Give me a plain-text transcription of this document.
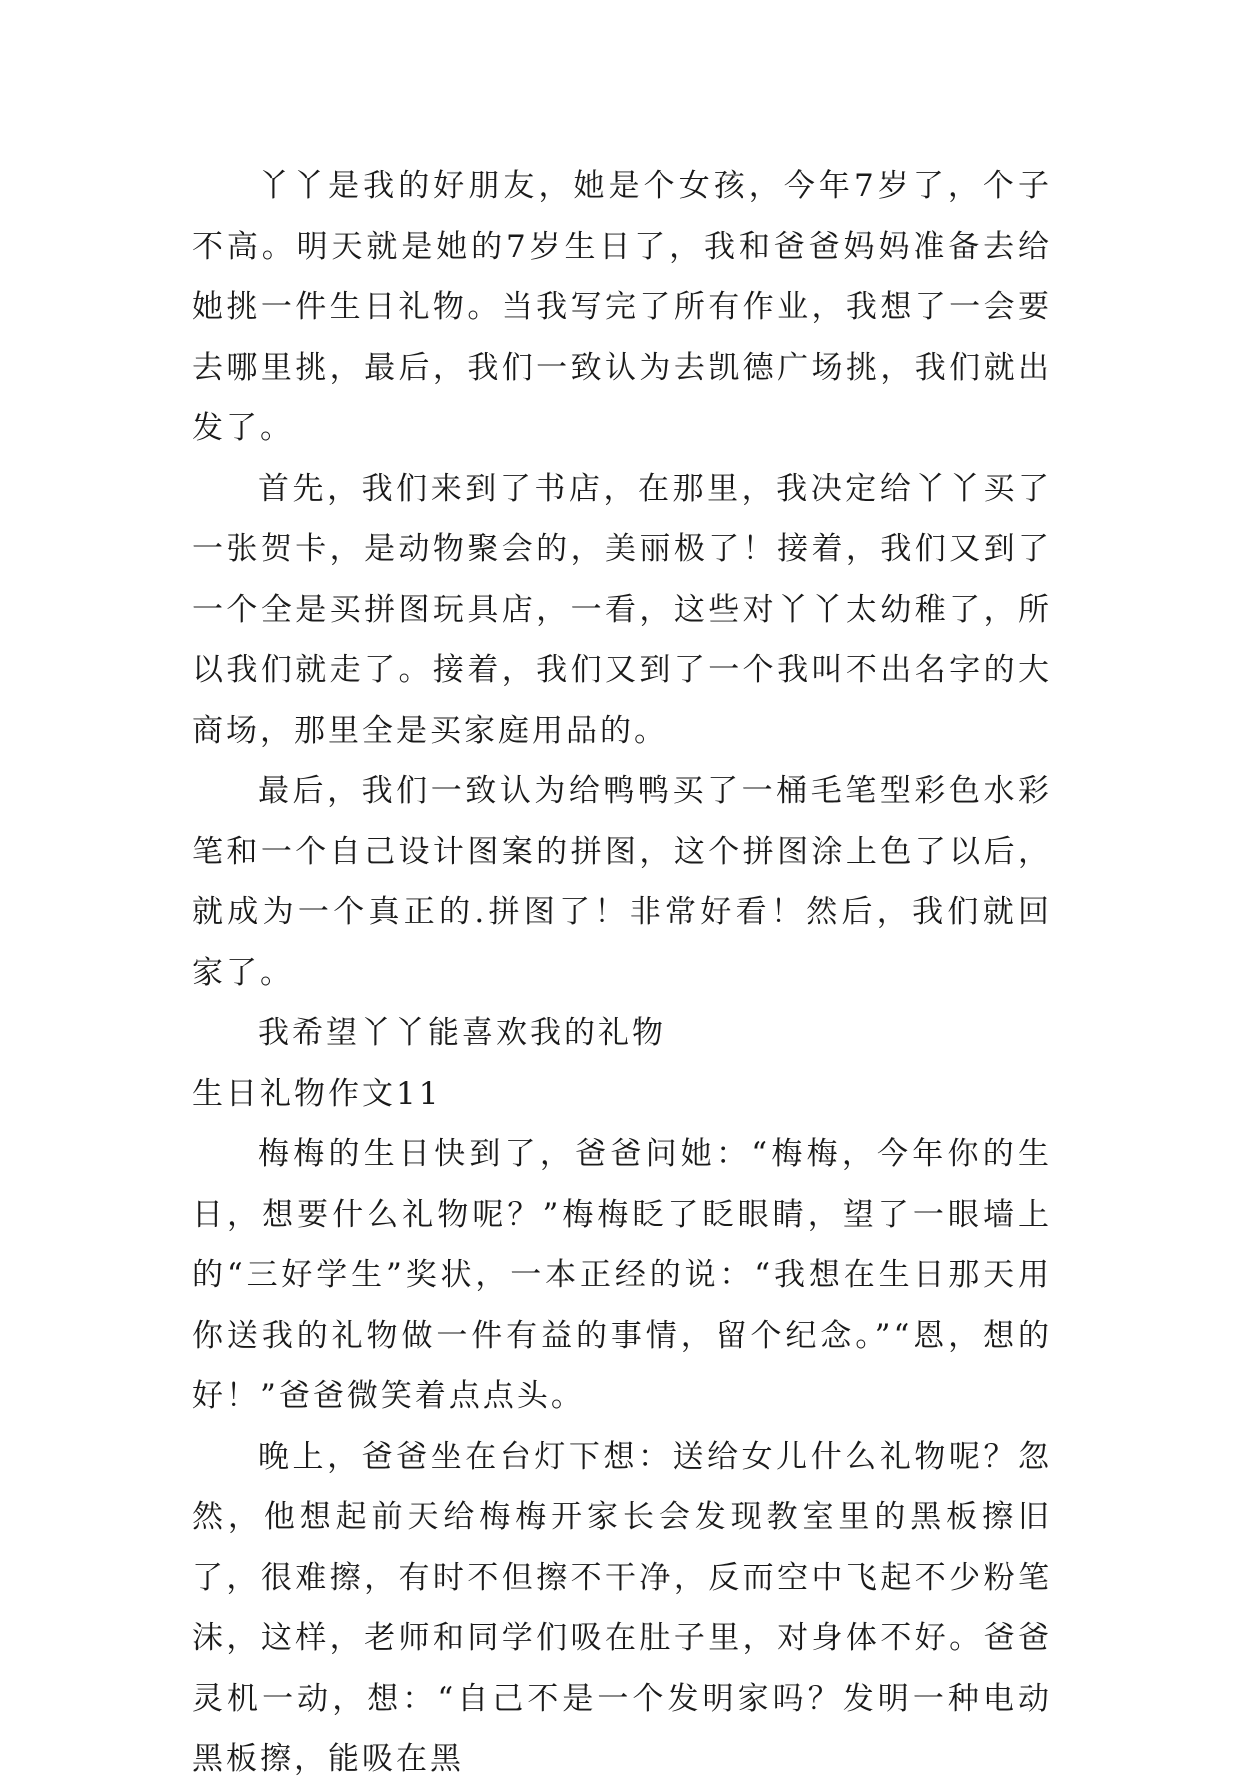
丫丫是我的好朋友，她是个女孩，今年7岁了，个子不高。明天就是她的7岁生日了，我和爸爸妈妈准备去给她挑一件生日礼物。当我写完了所有作业，我想了一会要去哪里挑，最后，我们一致认为去凯德广场挑，我们就出发了。

首先，我们来到了书店，在那里，我决定给丫丫买了一张贺卡，是动物聚会的，美丽极了！接着，我们又到了一个全是买拼图玩具店，一看，这些对丫丫太幼稚了，所以我们就走了。接着，我们又到了一个我叫不出名字的大商场，那里全是买家庭用品的。

最后，我们一致认为给鸭鸭买了一桶毛笔型彩色水彩笔和一个自己设计图案的拼图，这个拼图涂上色了以后，就成为一个真正的.拼图了！非常好看！然后，我们就回家了。

我希望丫丫能喜欢我的礼物

生日礼物作文11

梅梅的生日快到了，爸爸问她：“梅梅，今年你的生日，想要什么礼物呢？”梅梅眨了眨眼睛，望了一眼墙上的“三好学生”奖状，一本正经的说：“我想在生日那天用你送我的礼物做一件有益的事情，留个纪念。”“恩，想的好！”爸爸微笑着点点头。

晚上，爸爸坐在台灯下想：送给女儿什么礼物呢？忽然，他想起前天给梅梅开家长会发现教室里的黑板擦旧了，很难擦，有时不但擦不干净，反而空中飞起不少粉笔沫，这样，老师和同学们吸在肚子里，对身体不好。爸爸灵机一动，想：“自己不是一个发明家吗？发明一种电动黑板擦，能吸在黑
